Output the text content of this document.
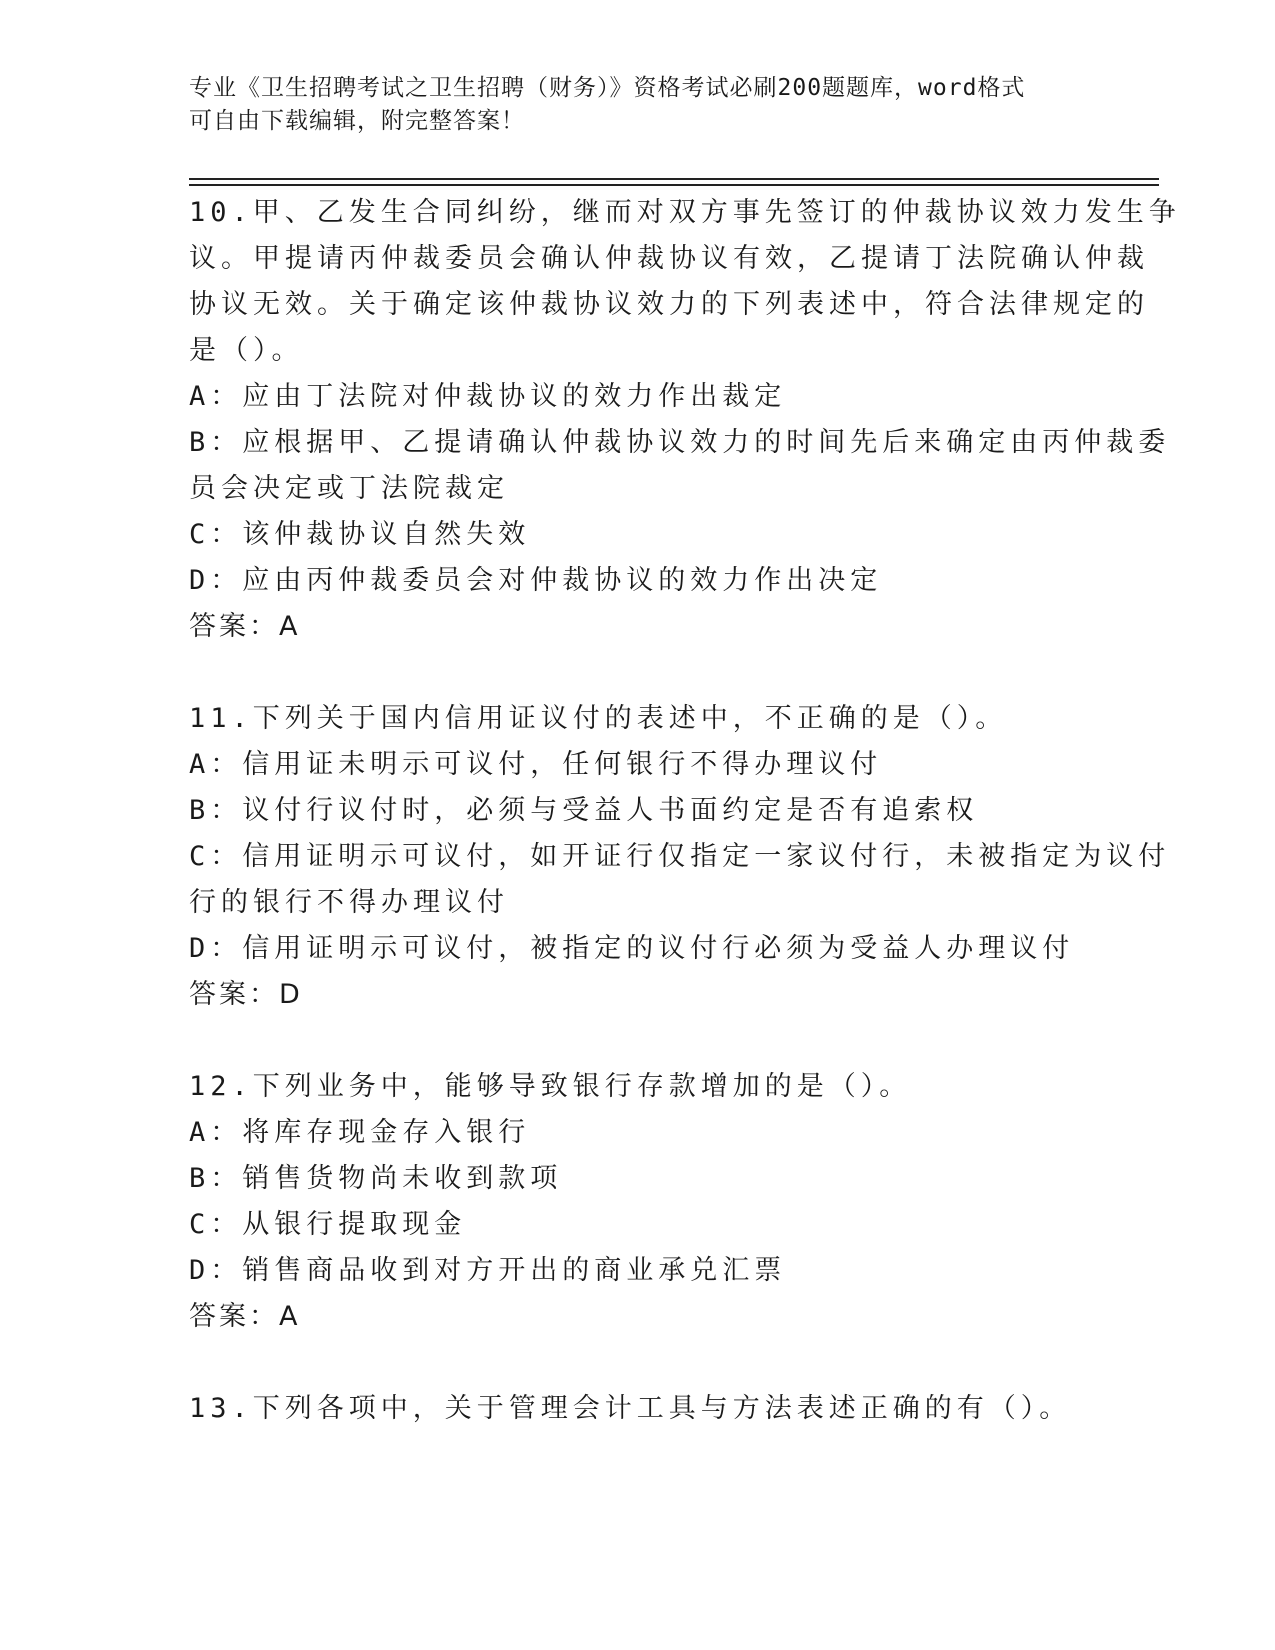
专业《卫生招聘考试之卫生招聘（财务）》资格考试必刷200题题库，word格式

可自由下载编辑，附完整答案！

10.甲、乙发生合同纠纷，继而对双方事先签订的仲裁协议效力发生争

议。甲提请丙仲裁委员会确认仲裁协议有效，乙提请丁法院确认仲裁

协议无效。关于确定该仲裁协议效力的下列表述中，符合法律规定的

是（）。

A：应由丁法院对仲裁协议的效力作出裁定

B：应根据甲、乙提请确认仲裁协议效力的时间先后来确定由丙仲裁委

员会决定或丁法院裁定

C：该仲裁协议自然失效

D：应由丙仲裁委员会对仲裁协议的效力作出决定

答案：A

11.下列关于国内信用证议付的表述中，不正确的是（）。

A：信用证未明示可议付，任何银行不得办理议付

B：议付行议付时，必须与受益人书面约定是否有追索权

C：信用证明示可议付，如开证行仅指定一家议付行，未被指定为议付

行的银行不得办理议付

D：信用证明示可议付，被指定的议付行必须为受益人办理议付

答案：D

12.下列业务中，能够导致银行存款增加的是（）。

A：将库存现金存入银行

B：销售货物尚未收到款项

C：从银行提取现金

D：销售商品收到对方开出的商业承兑汇票

答案：A

13.下列各项中，关于管理会计工具与方法表述正确的有（）。
